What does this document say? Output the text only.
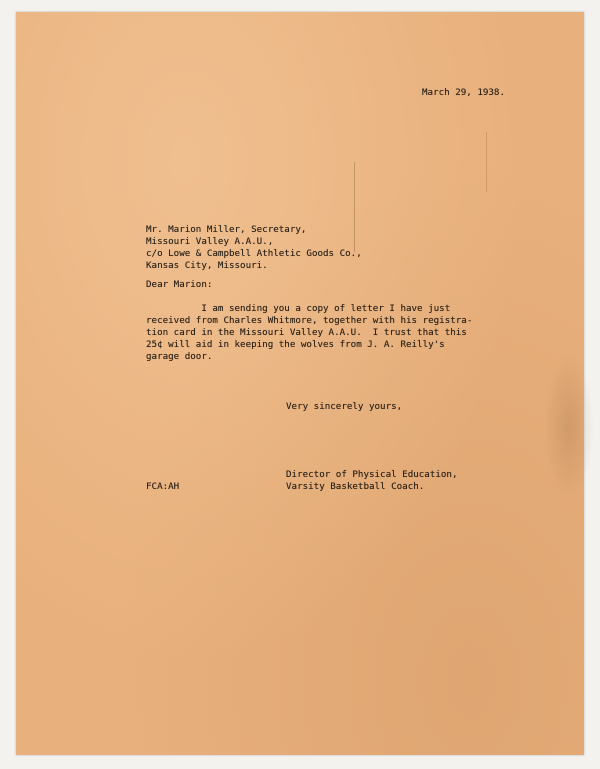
March 29, 1938.
Mr. Marion Miller, Secretary,
Missouri Valley A.A.U.,
c/o Lowe & Campbell Athletic Goods Co.,
Kansas City, Missouri.
Dear Marion:
I am sending you a copy of letter I have just
received from Charles Whitmore, together with his registra-
tion card in the Missouri Valley A.A.U.  I trust that this
25¢ will aid in keeping the wolves from J. A. Reilly's
garage door.
Very sincerely yours,
Director of Physical Education,
Varsity Basketball Coach.
FCA:AH
